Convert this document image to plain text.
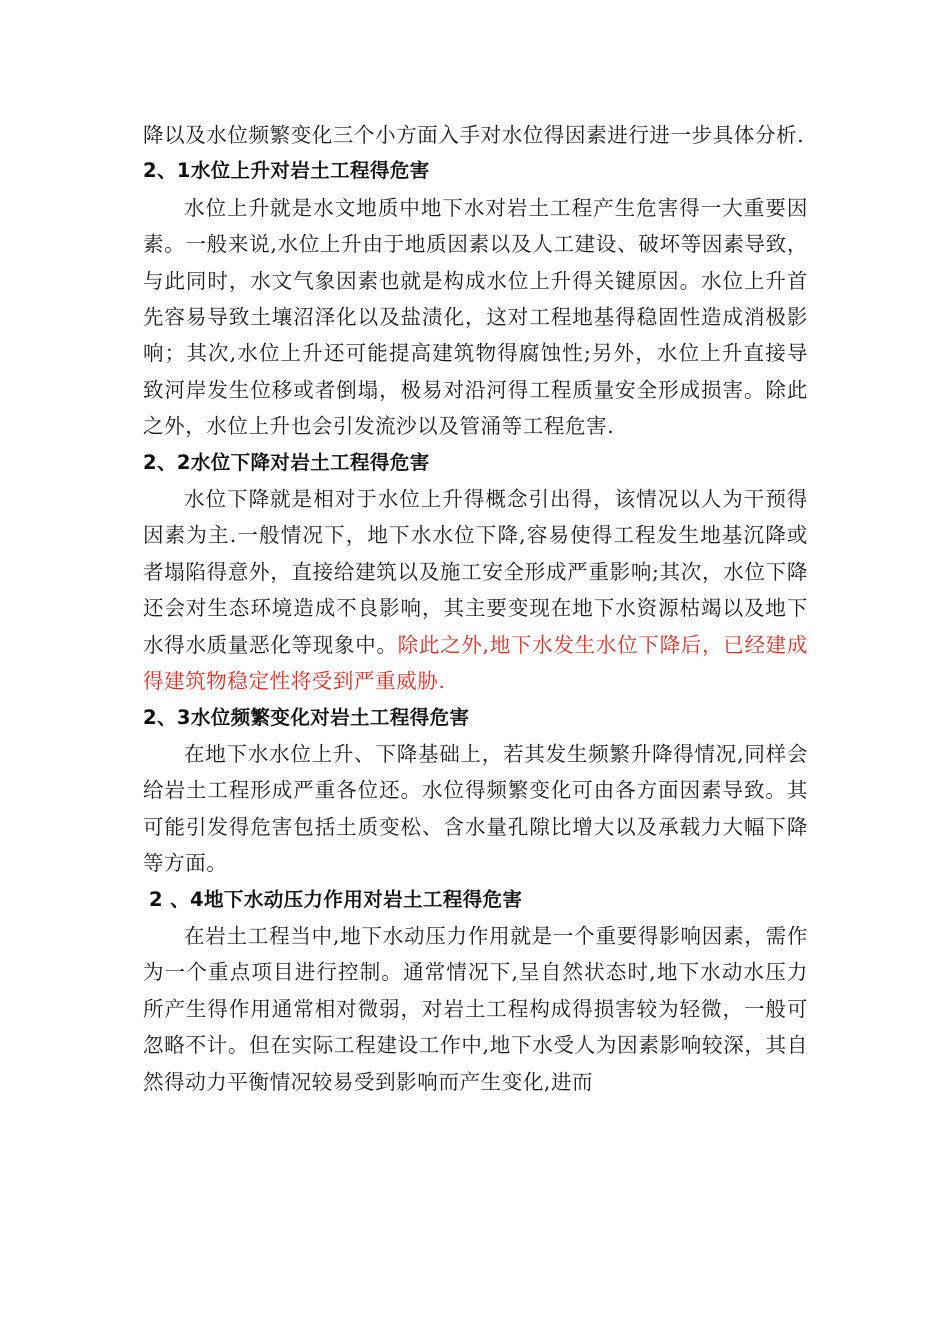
降以及水位频繁变化三个小方面入手对水位得因素进行进一步具体分析.

2、1水位上升对岩土工程得危害

水位上升就是水文地质中地下水对岩土工程产生危害得一大重要因素。一般来说,水位上升由于地质因素以及人工建设、破坏等因素导致，与此同时，水文气象因素也就是构成水位上升得关键原因。水位上升首先容易导致土壤沼泽化以及盐渍化，这对工程地基得稳固性造成消极影响；其次,水位上升还可能提高建筑物得腐蚀性;另外，水位上升直接导致河岸发生位移或者倒塌，极易对沿河得工程质量安全形成损害。除此之外，水位上升也会引发流沙以及管涌等工程危害.

2、2水位下降对岩土工程得危害

水位下降就是相对于水位上升得概念引出得，该情况以人为干预得因素为主.一般情况下，地下水水位下降,容易使得工程发生地基沉降或者塌陷得意外，直接给建筑以及施工安全形成严重影响;其次，水位下降还会对生态环境造成不良影响，其主要变现在地下水资源枯竭以及地下水得水质量恶化等现象中。除此之外,地下水发生水位下降后，已经建成得建筑物稳定性将受到严重威胁.

2、3水位频繁变化对岩土工程得危害

在地下水水位上升、下降基础上，若其发生频繁升降得情况,同样会给岩土工程形成严重各位还。水位得频繁变化可由各方面因素导致。其可能引发得危害包括土质变松、含水量孔隙比增大以及承载力大幅下降等方面。

2 、4地下水动压力作用对岩土工程得危害

在岩土工程当中,地下水动压力作用就是一个重要得影响因素，需作为一个重点项目进行控制。通常情况下,呈自然状态时,地下水动水压力所产生得作用通常相对微弱，对岩土工程构成得损害较为轻微，一般可忽略不计。但在实际工程建设工作中,地下水受人为因素影响较深，其自然得动力平衡情况较易受到影响而产生变化,进而
